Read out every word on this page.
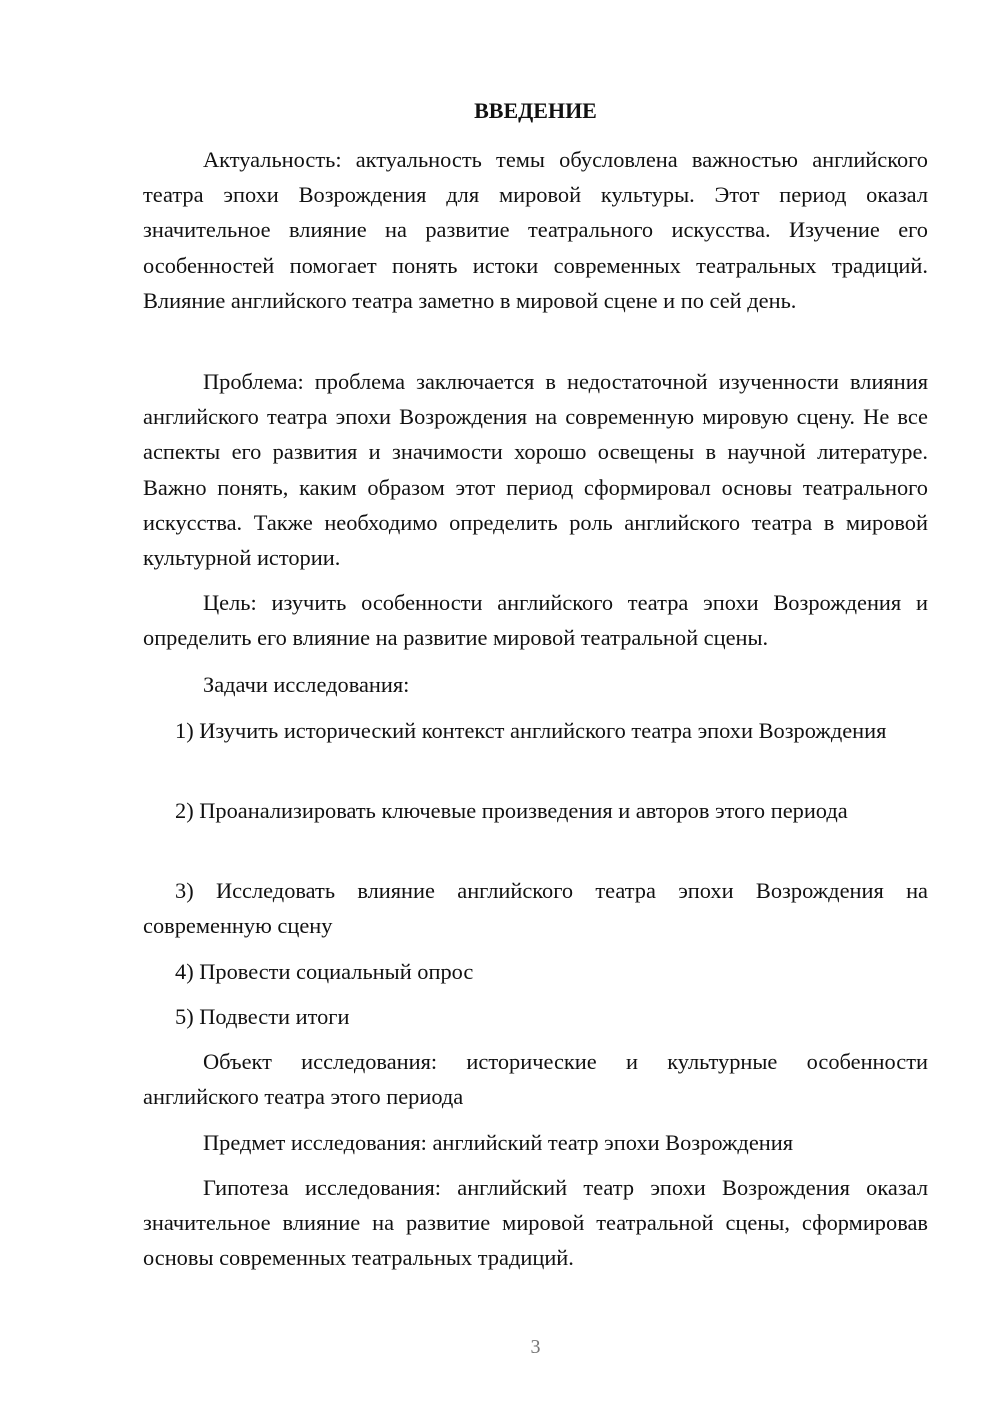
ВВЕДЕНИЕ

Актуальность: актуальность темы обусловлена важностью английского театра эпохи Возрождения для мировой культуры. Этот период оказал значительное влияние на развитие театрального искусства. Изучение его особенностей помогает понять истоки современных театральных традиций. Влияние английского театра заметно в мировой сцене и по сей день.

Проблема: проблема заключается в недостаточной изученности влияния английского театра эпохи Возрождения на современную мировую сцену. Не все аспекты его развития и значимости хорошо освещены в научной литературе. Важно понять, каким образом этот период сформировал основы театрального искусства. Также необходимо определить роль английского театра в мировой культурной истории.

Цель: изучить особенности английского театра эпохи Возрождения и определить его влияние на развитие мировой театральной сцены.

Задачи исследования:

1) Изучить исторический контекст английского театра эпохи Возрождения

2) Проанализировать ключевые произведения и авторов этого периода

3) Исследовать влияние английского театра эпохи Возрождения на современную сцену

4) Провести социальный опрос

5) Подвести итоги

Объект исследования: исторические и культурные особенности английского театра этого периода

Предмет исследования: английский театр эпохи Возрождения

Гипотеза исследования: английский театр эпохи Возрождения оказал значительное влияние на развитие мировой театральной сцены, сформировав основы современных театральных традиций.

3
